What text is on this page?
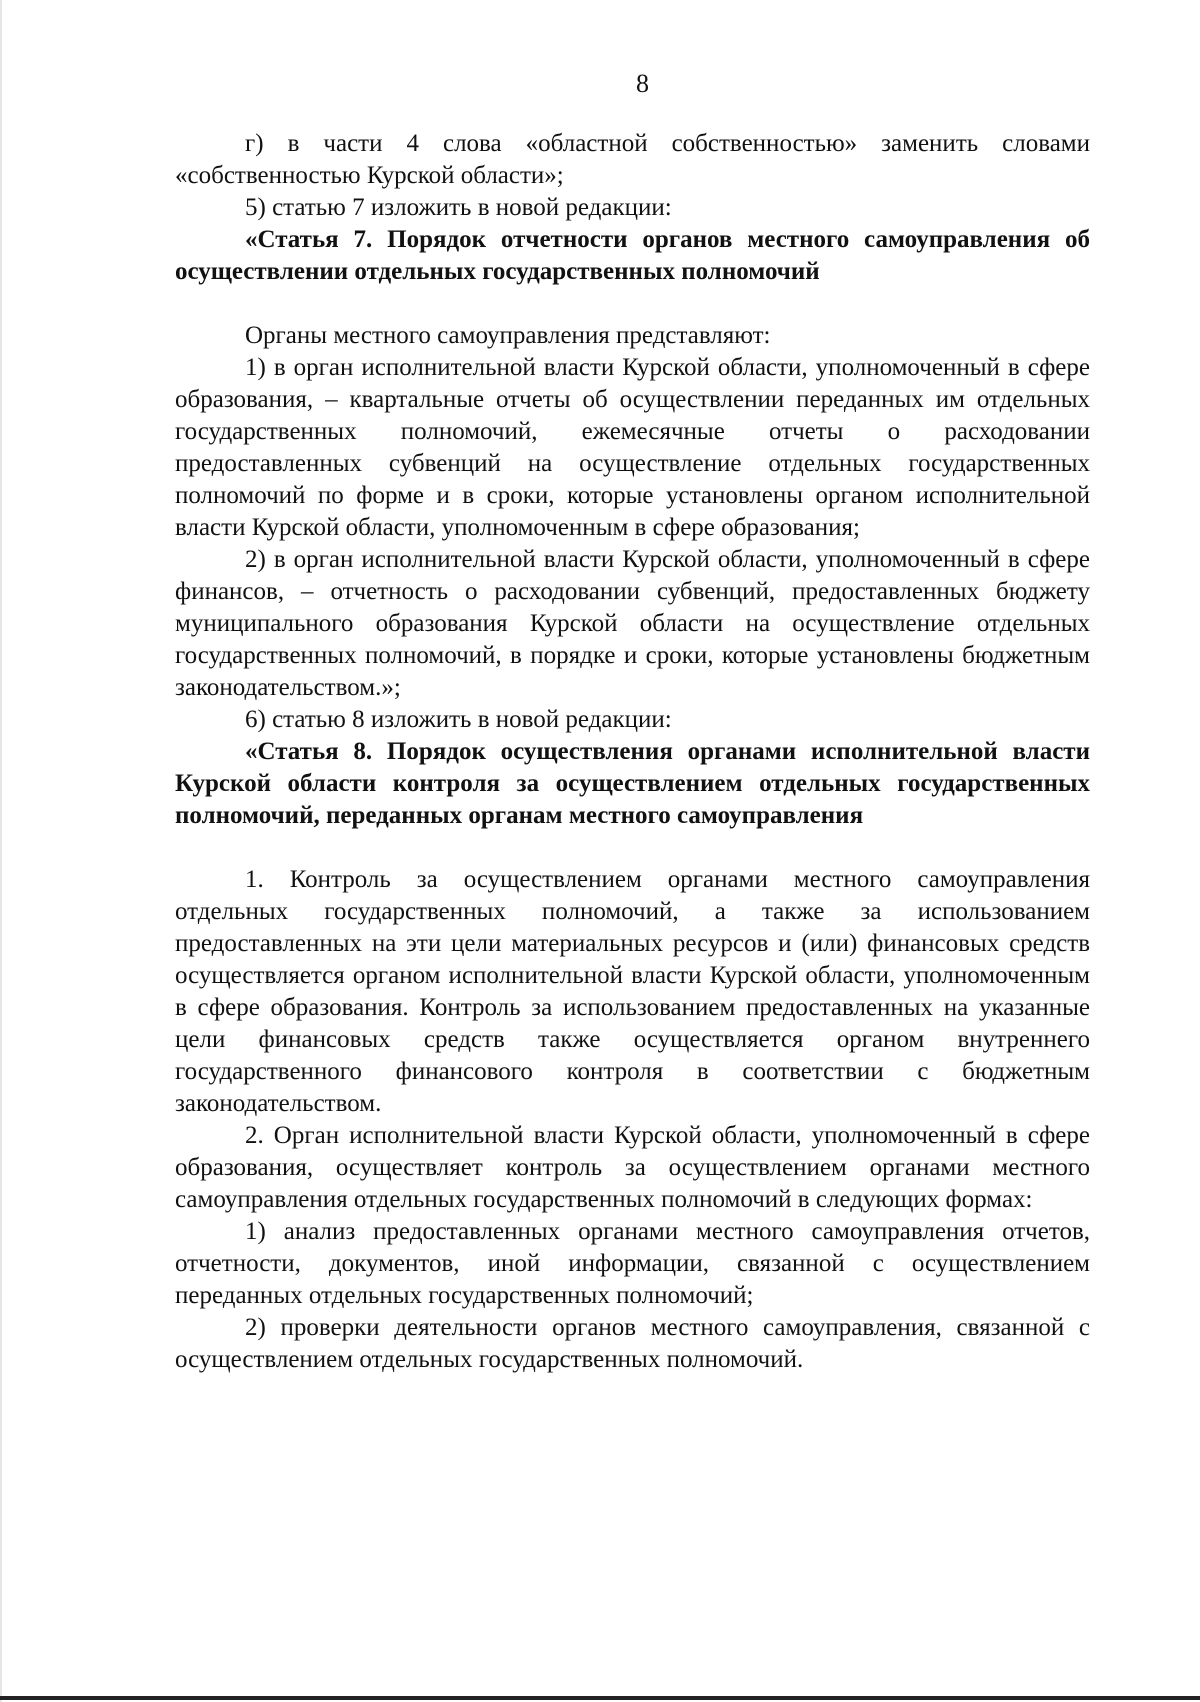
8

г) в части 4 слова «областной собственностью» заменить словами «собственностью Курской области»;

5) статью 7 изложить в новой редакции:

«Статья 7. Порядок отчетности органов местного самоуправления об осуществлении отдельных государственных полномочий

Органы местного самоуправления представляют:

1) в орган исполнительной власти Курской области, уполномоченный в сфере образования, – квартальные отчеты об осуществлении переданных им отдельных государственных полномочий, ежемесячные отчеты о расходовании предоставленных субвенций на осуществление отдельных государственных полномочий по форме и в сроки, которые установлены органом исполнительной власти Курской области, уполномоченным в сфере образования;

2) в орган исполнительной власти Курской области, уполномоченный в сфере финансов, – отчетность о расходовании субвенций, предоставленных бюджету муниципального образования Курской области на осуществление отдельных государственных полномочий, в порядке и сроки, которые установлены бюджетным законодательством.»;

6) статью 8 изложить в новой редакции:

«Статья 8. Порядок осуществления органами исполнительной власти Курской области контроля за осуществлением отдельных государственных полномочий, переданных органам местного самоуправления

1. Контроль за осуществлением органами местного самоуправления отдельных государственных полномочий, а также за использованием предоставленных на эти цели материальных ресурсов и (или) финансовых средств осуществляется органом исполнительной власти Курской области, уполномоченным в сфере образования. Контроль за использованием предоставленных на указанные цели финансовых средств также осуществляется органом внутреннего государственного финансового контроля в соответствии с бюджетным законодательством.

2. Орган исполнительной власти Курской области, уполномоченный в сфере образования, осуществляет контроль за осуществлением органами местного самоуправления отдельных государственных полномочий в следующих формах:

1) анализ предоставленных органами местного самоуправления отчетов, отчетности, документов, иной информации, связанной с осуществлением переданных отдельных государственных полномочий;

2) проверки деятельности органов местного самоуправления, связанной с осуществлением отдельных государственных полномочий.
